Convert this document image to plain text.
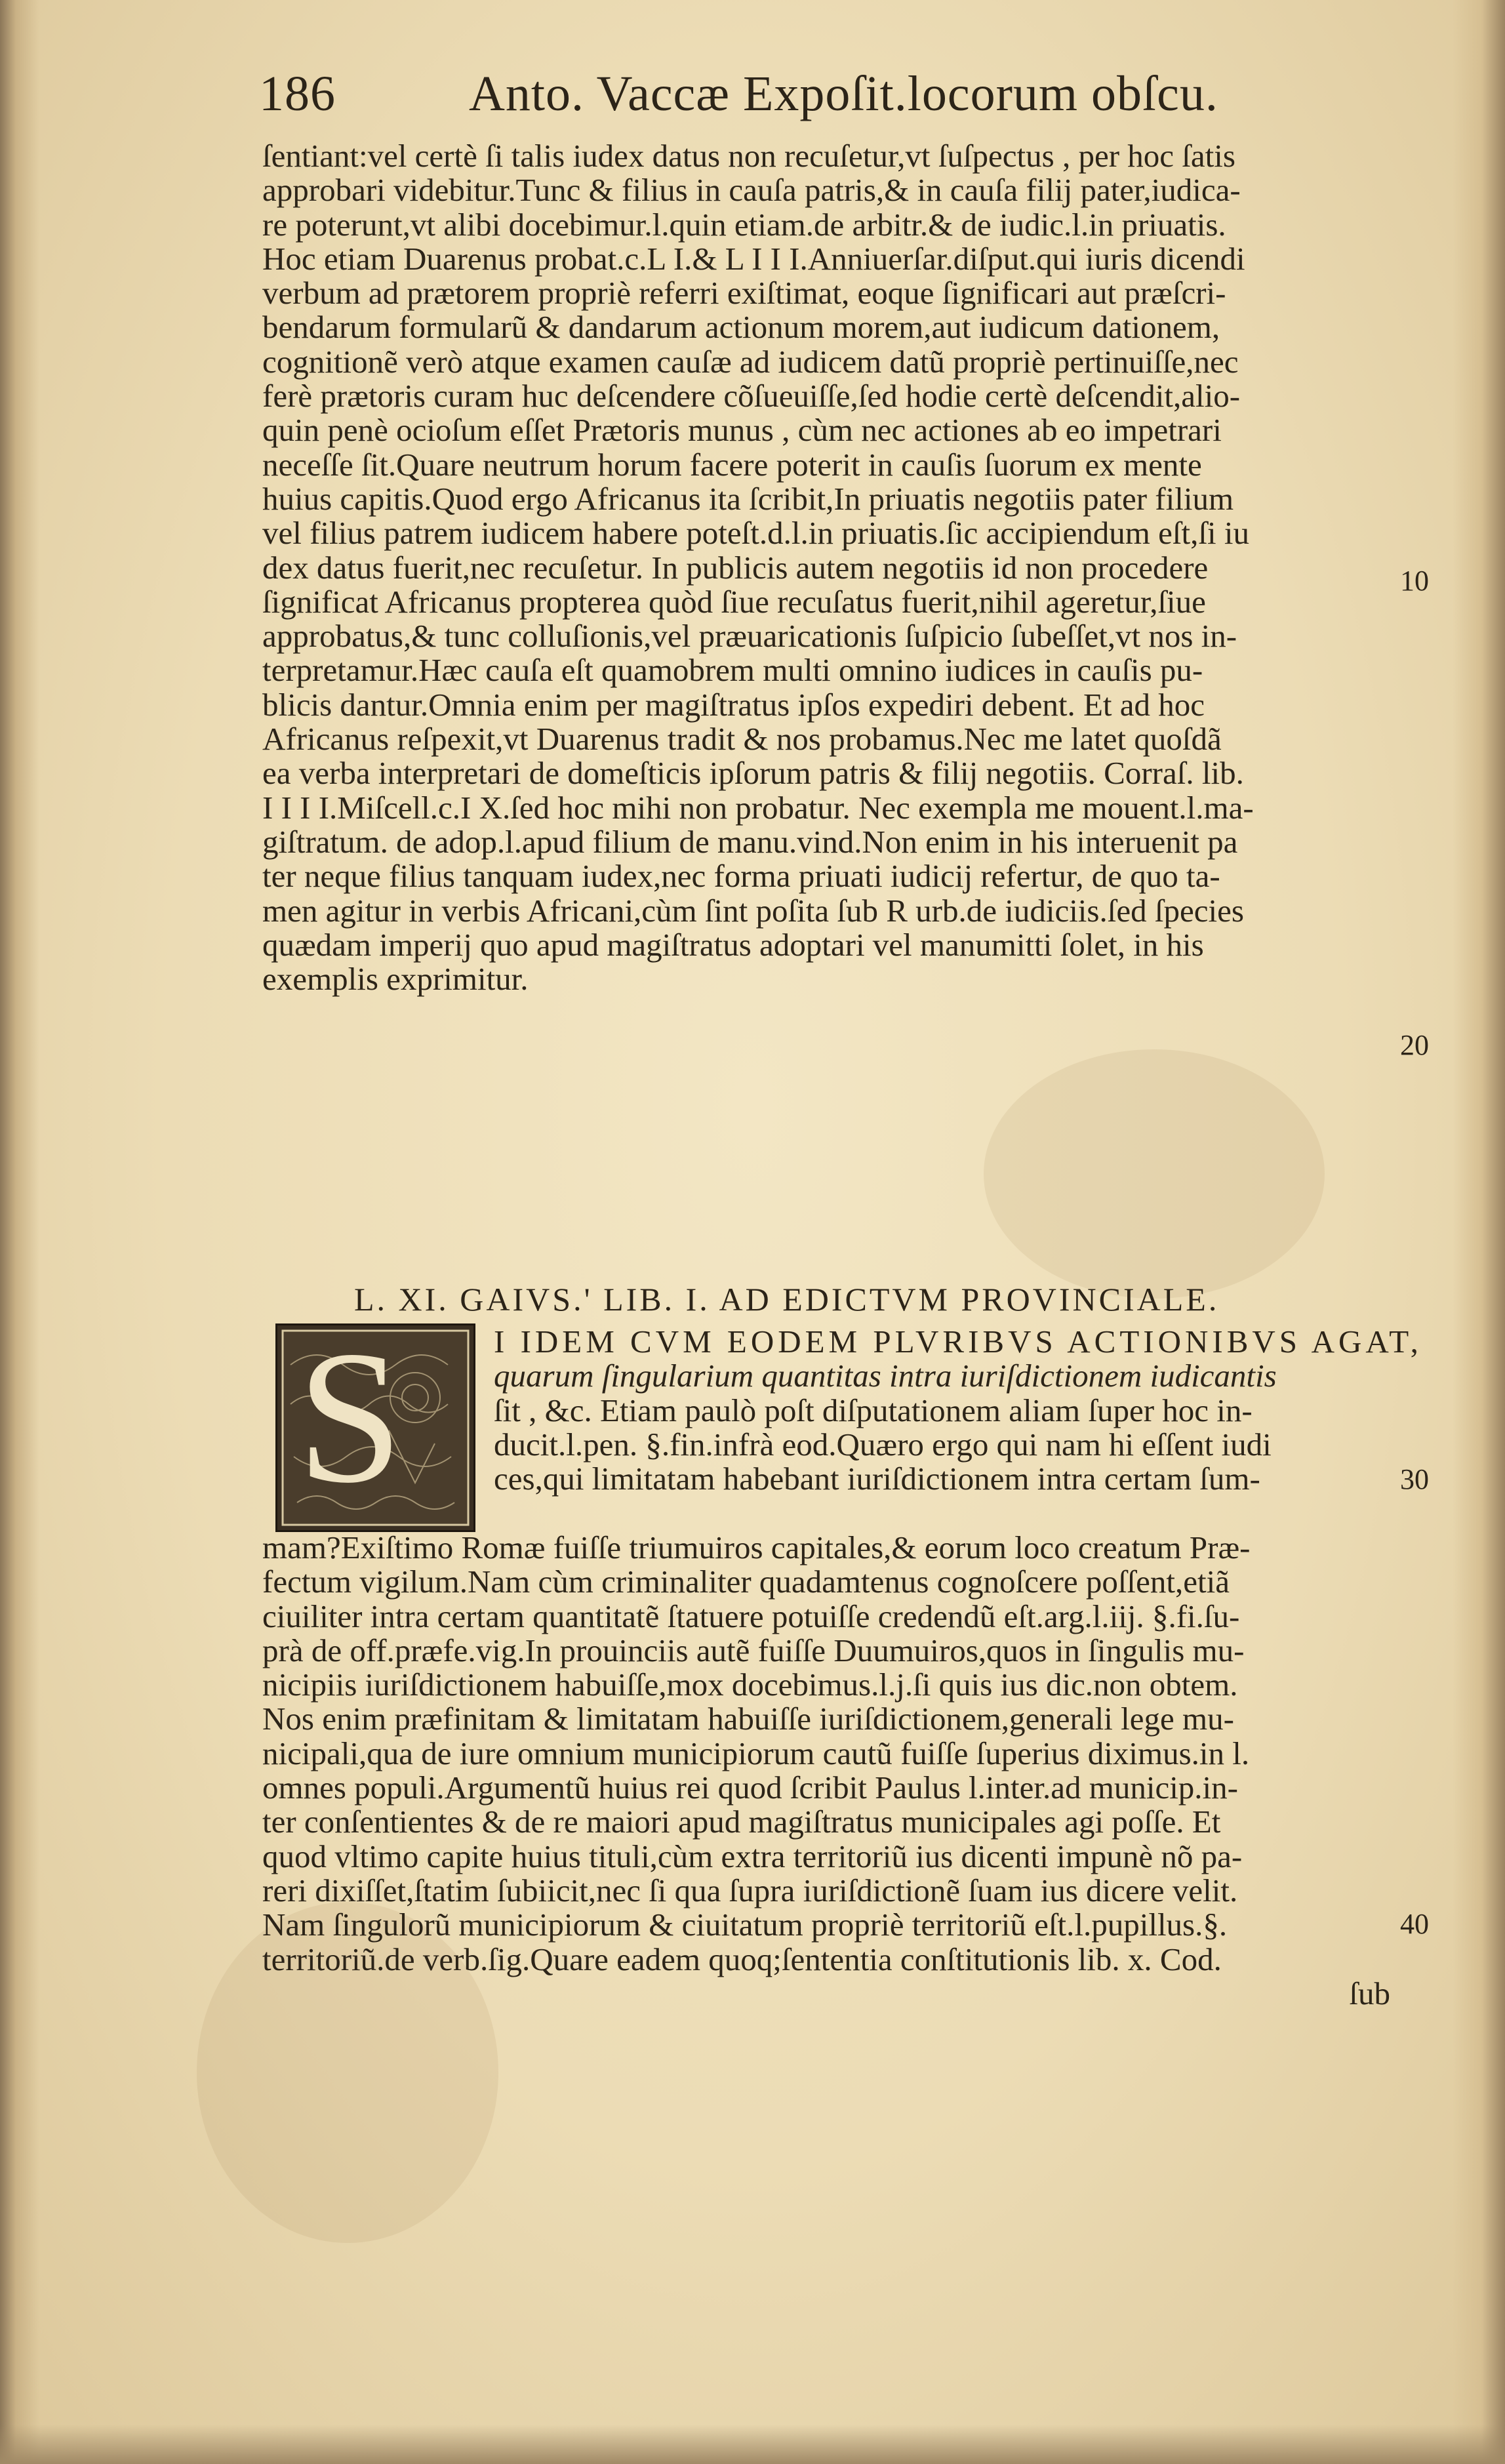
186	Anto. Vaccæ Expoſit.locorum obſcu.
ſentiant:vel certè ſi talis iudex datus non recuſetur,vt ſuſpectus , per hoc ſatis
approbari videbitur.Tunc & filius in cauſa patris,& in cauſa filij pater,iudica-
re poterunt,vt alibi docebimur.l.quin etiam.de arbitr.& de iudic.l.in priuatis.
Hoc etiam Duarenus probat.c.L I.& L I I I.Anniuerſar.diſput.qui iuris dicendi
verbum ad prætorem propriè referri exiſtimat, eoque ſignificari aut præſcri-
bendarum formularũ & dandarum actionum morem,aut iudicum dationem,
cognitionẽ verò atque examen cauſæ ad iudicem datũ propriè pertinuiſſe,nec
ferè prætoris curam huc deſcendere cõſueuiſſe,ſed hodie certè deſcendit,alio-
quin penè ocioſum eſſet Prætoris munus , cùm nec actiones ab eo impetrari
neceſſe ſit.Quare neutrum horum facere poterit in cauſis ſuorum ex mente
huius capitis.Quod ergo Africanus ita ſcribit,In priuatis negotiis pater filium
vel filius patrem iudicem habere poteſt.d.l.in priuatis.ſic accipiendum eſt,ſi iu
dex datus fuerit,nec recuſetur. In publicis autem negotiis id non procedere
ſignificat Africanus propterea quòd ſiue recuſatus fuerit,nihil ageretur,ſiue
approbatus,& tunc colluſionis,vel præuaricationis ſuſpicio ſubeſſet,vt nos in-
terpretamur.Hæc cauſa eſt quamobrem multi omnino iudices in cauſis pu-
blicis dantur.Omnia enim per magiſtratus ipſos expediri debent. Et ad hoc
Africanus reſpexit,vt Duarenus tradit & nos probamus.Nec me latet quoſdã
ea verba interpretari de domeſticis ipſorum patris & filij negotiis. Corraſ. lib.
I I I I.Miſcell.c.I X.ſed hoc mihi non probatur. Nec exempla me mouent.l.ma-
giſtratum. de adop.l.apud filium de manu.vind.Non enim in his interuenit pa
ter neque filius tanquam iudex,nec forma priuati iudicij refertur, de quo ta-
men agitur in verbis Africani,cùm ſint poſita ſub R urb.de iudiciis.ſed ſpecies
quædam imperij quo apud magiſtratus adoptari vel manumitti ſolet, in his
exemplis exprimitur.
10
20
30
40
L. XI. GAIVS.' LIB. I. AD EDICTVM PROVINCIALE.
S	I IDEM CVM EODEM PLVRIBVS ACTIONIBVS AGAT,
quarum ſingularium quantitas intra iuriſdictionem iudicantis
ſit , &c. Etiam paulò poſt diſputationem aliam ſuper hoc in-
ducit.l.pen. §.fin.infrà eod.Quæro ergo qui nam hi eſſent iudi
ces,qui limitatam habebant iuriſdictionem intra certam ſum-
mam?Exiſtimo Romæ fuiſſe triumuiros capitales,& eorum loco creatum Præ-
fectum vigilum.Nam cùm criminaliter quadamtenus cognoſcere poſſent,etiã
ciuiliter intra certam quantitatẽ ſtatuere potuiſſe credendũ eſt.arg.l.iij. §.fi.ſu-
prà de off.præfe.vig.In prouinciis autẽ fuiſſe Duumuiros,quos in ſingulis mu-
nicipiis iuriſdictionem habuiſſe,mox docebimus.l.j.ſi quis ius dic.non obtem.
Nos enim præfinitam & limitatam habuiſſe iuriſdictionem,generali lege mu-
nicipali,qua de iure omnium municipiorum cautũ fuiſſe ſuperius diximus.in l.
omnes populi.Argumentũ huius rei quod ſcribit Paulus l.inter.ad municip.in-
ter conſentientes & de re maiori apud magiſtratus municipales agi poſſe. Et
quod vltimo capite huius tituli,cùm extra territoriũ ius dicenti impunè nõ pa-
reri dixiſſet,ſtatim ſubiicit,nec ſi qua ſupra iuriſdictionẽ ſuam ius dicere velit.
Nam ſingulorũ municipiorum & ciuitatum propriè territoriũ eſt.l.pupillus.§.
territoriũ.de verb.ſig.Quare eadem quoq;ſententia conſtitutionis lib. x. Cod.
ſub
